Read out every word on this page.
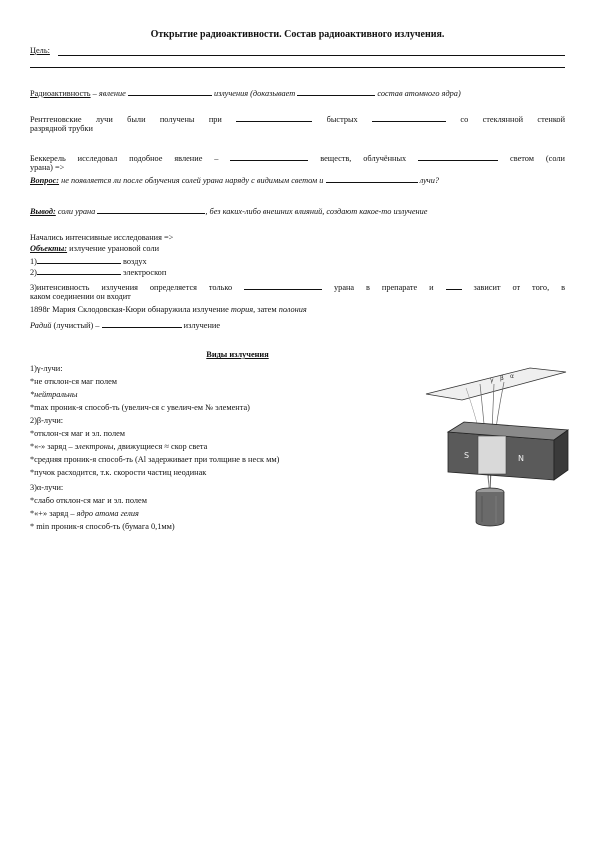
Открытие радиоактивности. Состав радиоактивного излучения.
Цель:
Радиоактивность – явление	излучения (доказывает	состав атомного ядра)
Рентгеновские лучи были получены при	быстрых	со стеклянной стенкой
разрядной трубки
Беккерель исследовал подобное явление –	веществ, облучённых	светом (соли
урана) =>
Вопрос: не появляется ли после облучения солей урана наряду с видимым светом и	лучи?
Вывод: соли урана	, без каких-либо внешних влияний, создают какое-то излучение
Начались интенсивные исследования =>
Объекты: излучение урановой соли
1)	воздух
2)	электроскоп
3)интенсивность излучения определяется только	урана в препарате и	зависит от того, в
каком соединении он входит
1898г Мария Склодовская-Кюри обнаружила излучение тория, затем полония
Радий (лучистый) –	излучение
Виды излучения
1)γ-лучи:
*не отклон-ся маг полем
*нейтральны
*max проник-я способ-ть (увелич-ся с увелич-ем № элемента)
2)β-лучи:
*отклон-ся маг и эл. полем
*«-» заряд – электроны, движущиеся ≈ скор света
*средняя проник-я способ-ть (Al задерживает при толщине в неск мм)
*пучок расходится, т.к. скорости частиц неодинак
3)α-лучи:
*слабо отклон-ся маг и эл. полем
*«+» заряд – ядро атома гелия
* min проник-я способ-ть (бумага 0,1мм)
γ β α
S	N
